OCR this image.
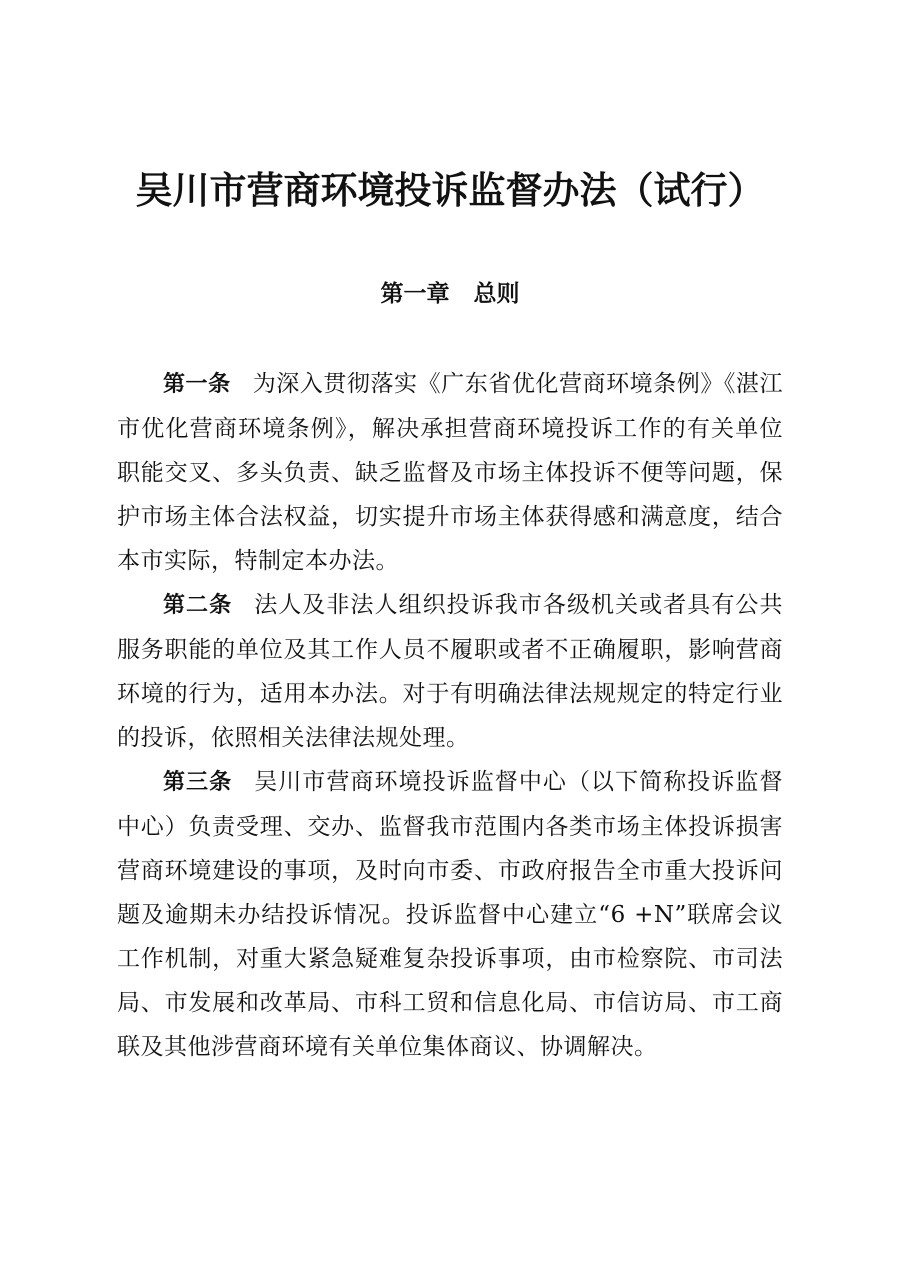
吴川市营商环境投诉监督办法（试行）
第一章 总则

第一条 为深入贯彻落实《广东省优化营商环境条例》《湛江市优化营商环境条例》，解决承担营商环境投诉工作的有关单位职能交叉、多头负责、缺乏监督及市场主体投诉不便等问题，保护市场主体合法权益，切实提升市场主体获得感和满意度，结合本市实际，特制定本办法。

第二条 法人及非法人组织投诉我市各级机关或者具有公共服务职能的单位及其工作人员不履职或者不正确履职，影响营商环境的行为，适用本办法。对于有明确法律法规规定的特定行业的投诉，依照相关法律法规处理。

第三条 吴川市营商环境投诉监督中心（以下简称投诉监督中心）负责受理、交办、监督我市范围内各类市场主体投诉损害营商环境建设的事项，及时向市委、市政府报告全市重大投诉问题及逾期未办结投诉情况。投诉监督中心建立“6 +N”联席会议工作机制，对重大紧急疑难复杂投诉事项，由市检察院、市司法局、市发展和改革局、市科工贸和信息化局、市信访局、市工商联及其他涉营商环境有关单位集体商议、协调解决。
